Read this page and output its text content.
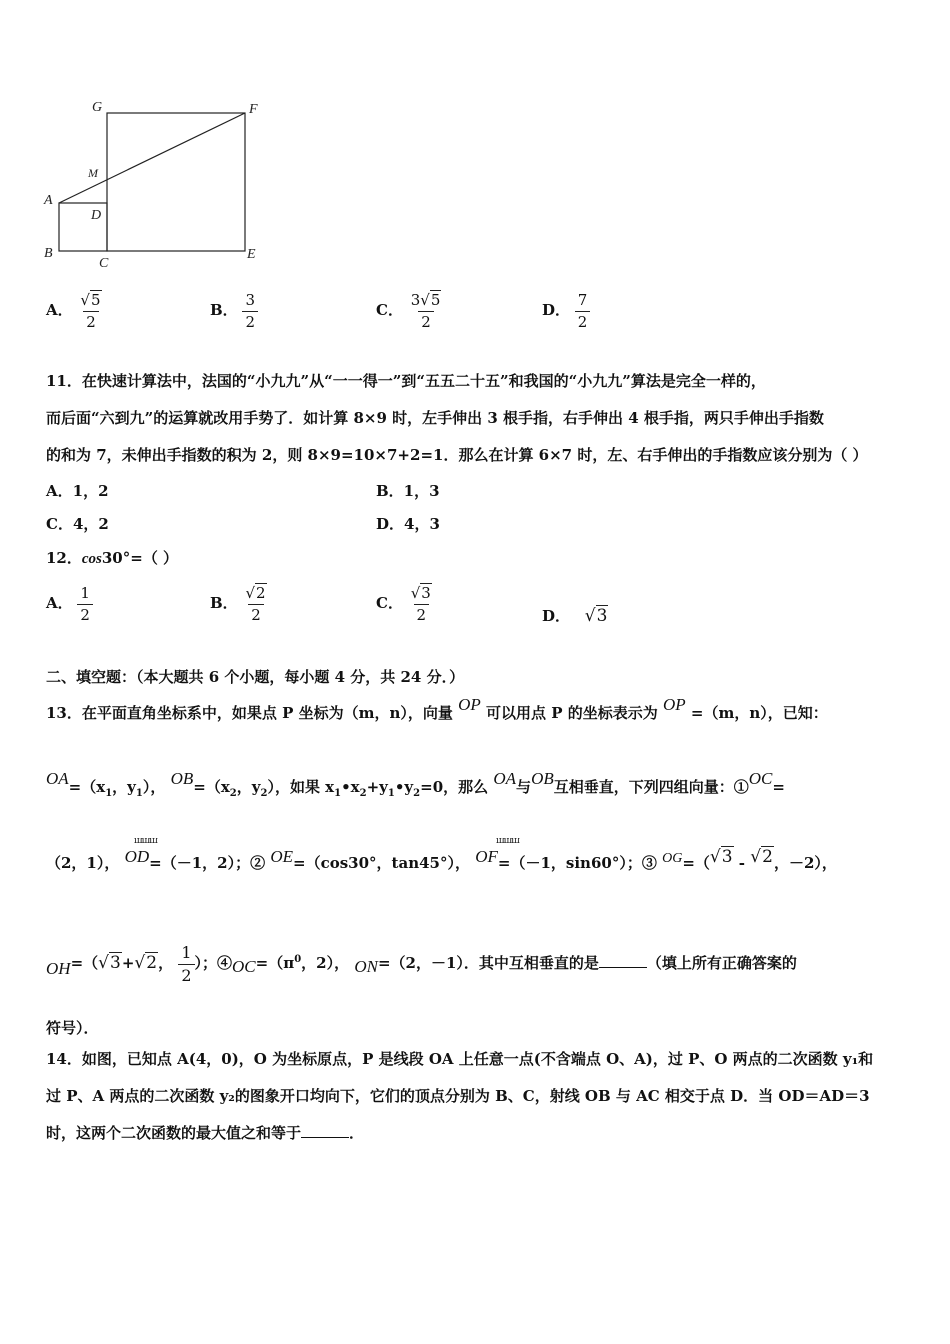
G	F
M
A
D
B
C
E
A． $\frac{√5}{2}$	B． $\frac{3}{2}$	C． $\frac{3√5}{2}$	D． $\frac{7}{2}$
11．在快速计算法中，法国的“小九九”从“一一得一”到“五五二十五”和我国的“小九九”算法是完全一样的，
而后面“六到九”的运算就改用手势了．如计算 8×9 时，左手伸出 3 根手指，右手伸出 4 根手指，两只手伸出手指数
的和为 7，未伸出手指数的积为 2，则 8×9=10×7+2=1．那么在计算 6×7 时，左、右手伸出的手指数应该分别为（ ）
A．1，2	B．1，3
C．4，2	D．4，3
12．cos30°=（ ）
A． $\frac{1}{2}$	B． $\frac{√2}{2}$	C． $\frac{√3}{2}$	D． √3
二、填空题：（本大题共 6 个小题，每小题 4 分，共 24 分．）
13．在平面直角坐标系中，如果点 P 坐标为（m，n），向量 OP 可以用点 P 的坐标表示为 OP =（m，n），已知：
$OA=(x_1$，$y_1$）， $OB=(x_2$，$y_2$），如果 $x_1•x_2+y_1•y_2=0$，那么 OA与OB互相垂直，下列四组向量：①OC=
（2，1）， OD=（－1，2）；② OE=（cos30°，tan45°）， OF=（－1，sin60°）；③ OG=（√3 - √2，－2），
ꟺꟺꟺ	ꟺꟺꟺ
OH=（√3+√2， $\frac{1}{2}$ ）；$④OC=(\pi^0$，2）， ON=（2，－1）．其中互相垂直的是	（填上所有正确答案的
符号）．
14．如图，已知点 A(4，0)，O 为坐标原点，P 是线段 OA 上任意一点(不含端点 O、A)，过 P、O 两点的二次函数 y₁和
过 P、A 两点的二次函数 y₂的图象开口均向下，它们的顶点分别为 B、C，射线 OB 与 AC 相交于点 D．当 OD＝AD＝3
时，这两个二次函数的最大值之和等于	．
